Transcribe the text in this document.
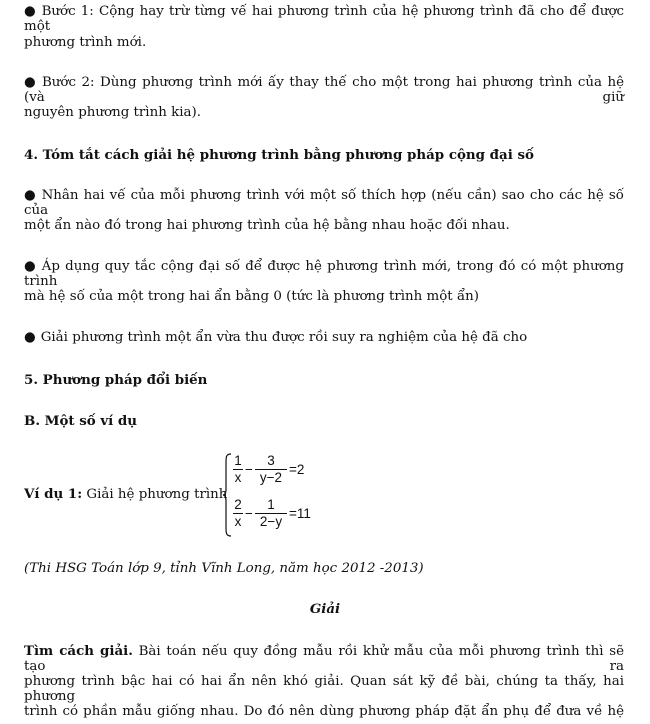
● Bước 1: Cộng hay trừ từng vế hai phương trình của hệ phương trình đã cho để được một
phương trình mới.
● Bước 2: Dùng phương trình mới ấy thay thế cho một trong hai phương trình của hệ (và giữ
nguyên phương trình kia).
4. Tóm tắt cách giải hệ phương trình bằng phương pháp cộng đại số
● Nhân hai vế của mỗi phương trình với một số thích hợp (nếu cần) sao cho các hệ số của
một ẩn nào đó trong hai phương trình của hệ bằng nhau hoặc đối nhau.
● Áp dụng quy tắc cộng đại số để được hệ phương trình mới, trong đó có một phương trình
mà hệ số của một trong hai ẩn bằng 0 (tức là phương trình một ẩn)
● Giải phương trình một ẩn vừa thu được rồi suy ra nghiệm của hệ đã cho
5. Phương pháp đổi biến
B. Một số ví dụ
Ví dụ 1: Giải hệ phương trình
1
x
−
3
y−2
=2
2
x
−
1
2−y
=11
(Thi HSG Toán lớp 9, tỉnh Vĩnh Long, năm học 2012 -2013)
Giải
Tìm cách giải. Bài toán nếu quy đồng mẫu rồi khử mẫu của mỗi phương trình thì sẽ tạo ra
phương trình bậc hai có hai ẩn nên khó giải. Quan sát kỹ đề bài, chúng ta thấy, hai phương
trình có phần mẫu giống nhau. Do đó nên dùng phương pháp đặt ẩn phụ để đưa về hệ
